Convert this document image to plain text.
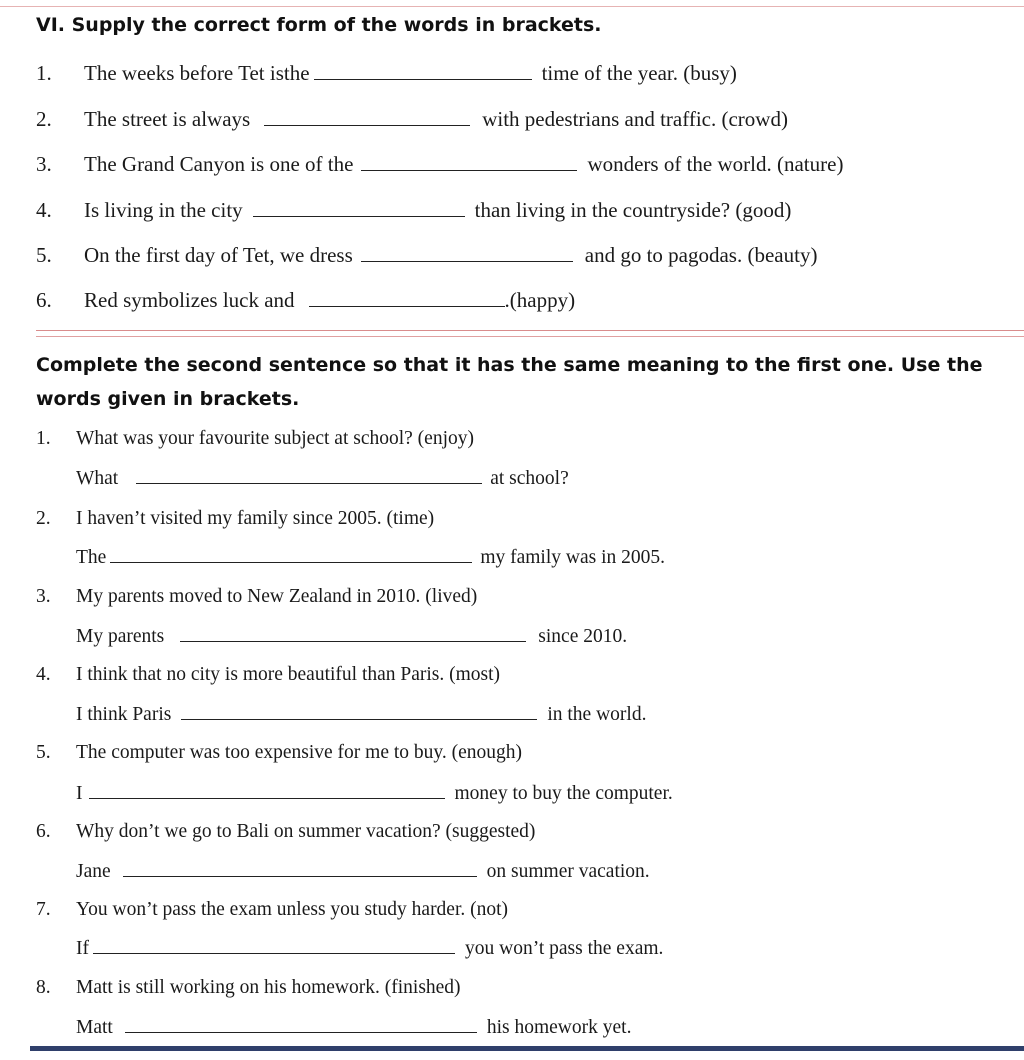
VI. Supply the correct form of the words in brackets.
1. The weeks before Tet isthe	time of the year. (busy)
2. The street is always	with pedestrians and traffic. (crowd)
3. The Grand Canyon is one of the	wonders of the world. (nature)
4. Is living in the city	than living in the countryside? (good)
5. On the first day of Tet, we dress	and go to pagodas. (beauty)
6. Red symbolizes luck and	.(happy)
Complete the second sentence so that it has the same meaning to the first one. Use the words given in brackets.
1. What was your favourite subject at school? (enjoy)
What	at school?
2. I haven’t visited my family since 2005. (time)
The	my family was in 2005.
3. My parents moved to New Zealand in 2010. (lived)
My parents	since 2010.
4. I think that no city is more beautiful than Paris. (most)
I think Paris	in the world.
5. The computer was too expensive for me to buy. (enough)
I	money to buy the computer.
6. Why don’t we go to Bali on summer vacation? (suggested)
Jane	on summer vacation.
7. You won’t pass the exam unless you study harder. (not)
If	you won’t pass the exam.
8. Matt is still working on his homework. (finished)
Matt	his homework yet.
